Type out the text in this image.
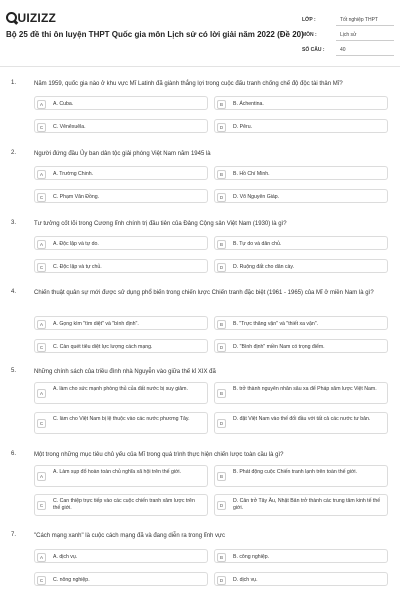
UIZIZZ
Bộ 25 đề thi ôn luyện THPT Quốc gia môn Lịch sử có lời giải năm 2022 (Đề 20)
LỚP :	Tốt nghiệp THPT
MÔN :	Lịch sử
SỐ CÂU :	40
1.	Năm 1959, quốc gia nào ở khu vực Mĩ Latinh đã giành thắng lợi trong cuộc đấu tranh chống chế độ độc tài thân Mĩ?
A	A. Cuba.	B	B. Áchentina.
C	C. Vênêxuêla.	D	D. Pêru.
2.	Người đứng đầu Ủy ban dân tộc giải phóng Việt Nam năm 1945 là
A	A. Trường Chinh.	B	B. Hồ Chí Minh.
C	C. Phạm Văn Đồng.	D	D. Võ Nguyên Giáp.
3.	Tư tưởng cốt lõi trong Cương lĩnh chính trị đầu tiên của Đảng Cộng sản Việt Nam (1930) là gì?
A	A. Độc lập và tự do.	B	B. Tự do và dân chủ.
C	C. Độc lập và tự chủ.	D	D. Ruộng đất cho dân cày.
4.	Chiến thuật quân sự mới được sử dụng phổ biến trong chiến lược Chiến tranh đặc biệt (1961 - 1965) của Mĩ ở miền Nam là gì?
A	A. Gọng kìm "tìm diệt" và "bình định".	B	B. "Trực thăng vận" và "thiết xa vận".
C	C. Càn quét tiêu diệt lực lượng cách mạng.	D	D. "Bình định" miền Nam có trọng điểm.
5.	Những chính sách của triều đình nhà Nguyễn vào giữa thế kỉ XIX đã
A
A. làm cho sức mạnh phòng thủ của đất nước bị suy giảm.
B
B. trở thành nguyên nhân sâu xa để Pháp xâm lược Việt Nam.
C
C. làm cho Việt Nam bị lệ thuộc vào các nước phương Tây.
D
D. đặt Việt Nam vào thế đối đầu với tất cả các nước tư bản.
6.	Một trong những mục tiêu chủ yếu của Mĩ trong quá trình thực hiện chiến lược toàn cầu là gì?
A
A. Làm sụp đổ hoàn toàn chủ nghĩa xã hội trên thế giới.
B
B. Phát động cuộc Chiến tranh lạnh trên toàn thế giới.
C
C. Can thiệp trực tiếp vào các cuộc chiến tranh xâm lược trên thế giới.	D
D. Cản trở Tây Âu, Nhật Bản trở thành các trung tâm kinh tế thế giới.
7.	"Cách mạng xanh" là cuộc cách mạng đã và đang diễn ra trong lĩnh vực
A	A. dịch vụ.	B	B. công nghiệp.
C	C. nông nghiệp.	D	D. dịch vụ.
